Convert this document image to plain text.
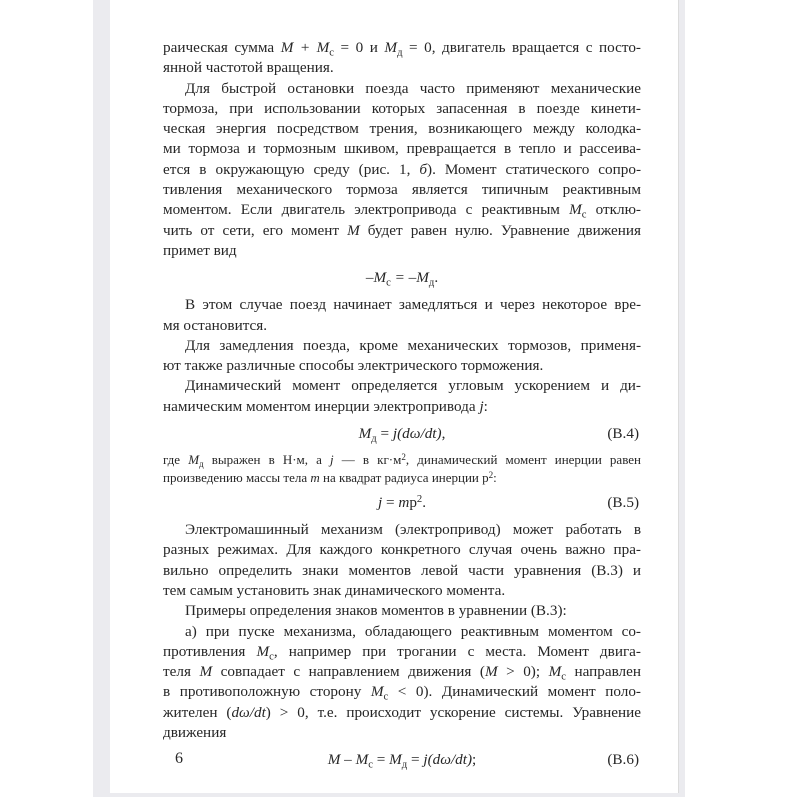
раическая сумма $M + M_с = 0$ и $M_д = 0$, двигатель вращается с посто-
янной частотой вращения.
Для быстрой остановки поезда часто применяют механические
тормоза, при использовании которых запасенная в поезде кинети-
ческая энергия посредством трения, возникающего между колодка-
ми тормоза и тормозным шкивом, превращается в тепло и рассеива-
ется в окружающую среду (рис. 1, б). Момент статического сопро-
тивления механического тормоза является типичным реактивным
моментом. Если двигатель электропривода с реактивным $M_с$ отклю-
чить от сети, его момент M будет равен нулю. Уравнение движения
примет вид
$-M_с = -M_д$.
В этом случае поезд начинает замедляться и через некоторое вре-
мя остановится.
Для замедления поезда, кроме механических тормозов, применя-
ют также различные способы электрического торможения.
Динамический момент определяется угловым ускорением и ди-
намическим моментом инерции электропривода j:
$M_д = j(d\omega/dt)$,	(В.4)
где $M_д$ выражен в Н·м, а j — в $кг\cdot м^2$, динамический момент инерции равен
произведению массы тела m на квадрат радиуса инерции $р^2$:
$j = mр^2$.	(В.5)
Электромашинный механизм (электропривод) может работать в
разных режимах. Для каждого конкретного случая очень важно пра-
вильно определить знаки моментов левой части уравнения (В.3) и
тем самым установить знак динамического момента.
Примеры определения знаков моментов в уравнении (В.3):
а) при пуске механизма, обладающего реактивным моментом со-
противления $M_с$, например при трогании с места. Момент двига-
теля M совпадает с направлением движения (M > 0); $M_с$ направлен
в противоположную сторону $M_с < 0$). Динамический момент поло-
жителен (dω/dt) > 0, т.е. происходит ускорение системы. Уравнение
движения
$M - M_с = M_д = j(d\omega/dt)$;	(В.6)
6
